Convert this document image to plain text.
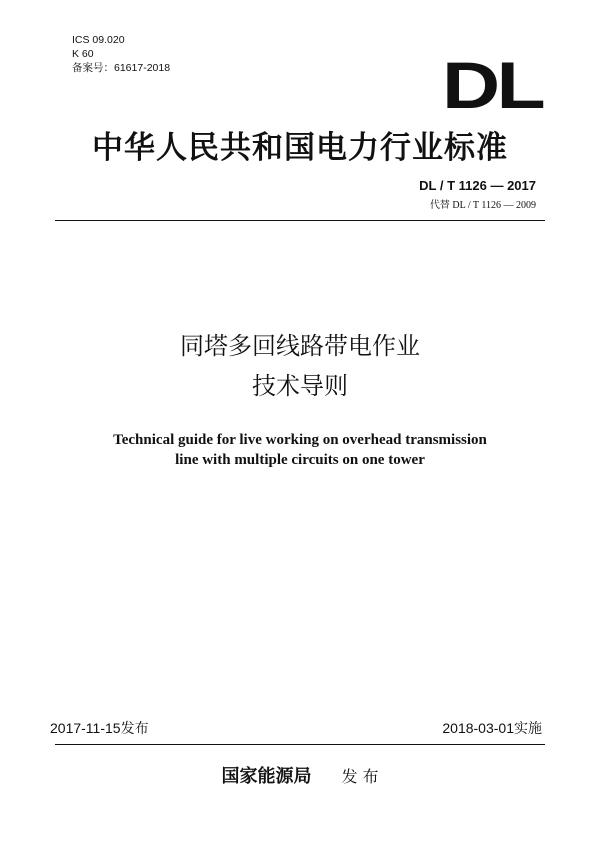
ICS 09.020
K 60
备案号：61617-2018	DL
中华人民共和国电力行业标准
DL / T 1126 — 2017
代替 DL / T 1126 — 2009
同塔多回线路带电作业
技术导则
Technical guide for live working on overhead transmission
line with multiple circuits on one tower
2017-11-15发布	2018-03-01实施
国家能源局 发 布
